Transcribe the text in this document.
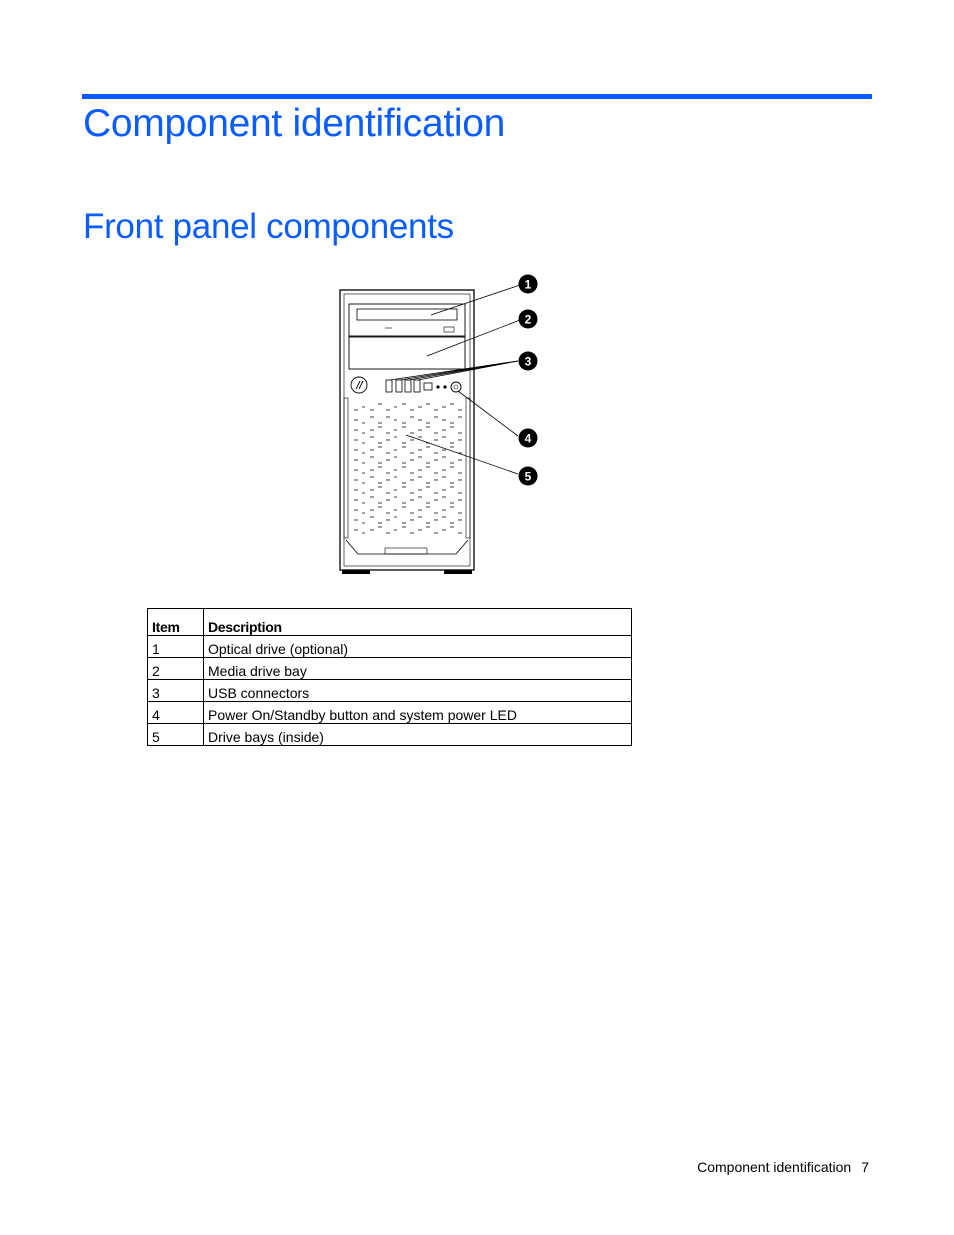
Component identification
Front panel components
1
2
3
4
5
Item	Description
1	Optical drive (optional)
2	Media drive bay
3	USB connectors
4	Power On/Standby button and system power LED
5	Drive bays (inside)
Component identification 7
